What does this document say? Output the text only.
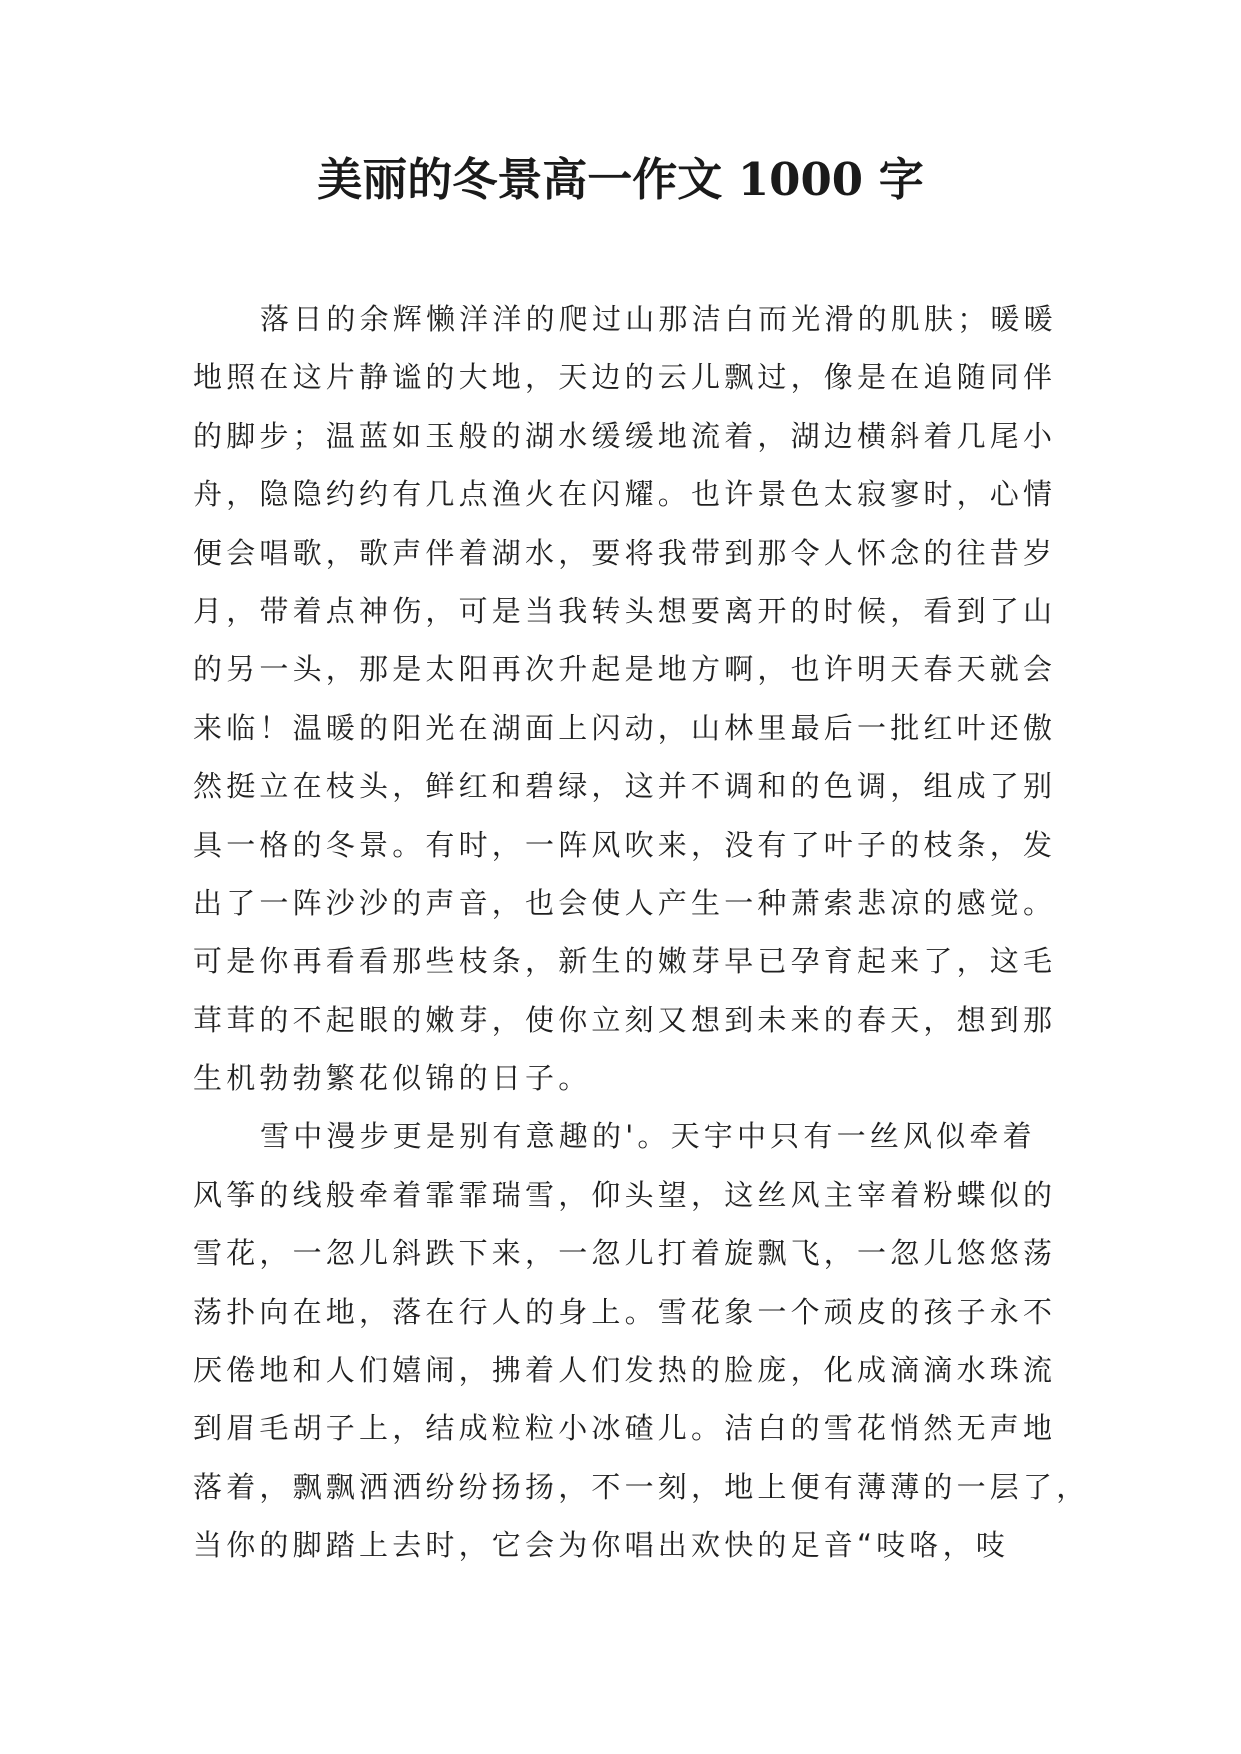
美丽的冬景高一作文 1000 字
落日的余辉懒洋洋的爬过山那洁白而光滑的肌肤；暖暖
地照在这片静谧的大地，天边的云儿飘过，像是在追随同伴
的脚步；温蓝如玉般的湖水缓缓地流着，湖边横斜着几尾小
舟，隐隐约约有几点渔火在闪耀。也许景色太寂寥时，心情
便会唱歌，歌声伴着湖水，要将我带到那令人怀念的往昔岁
月，带着点神伤，可是当我转头想要离开的时候，看到了山
的另一头，那是太阳再次升起是地方啊，也许明天春天就会
来临！温暖的阳光在湖面上闪动，山林里最后一批红叶还傲
然挺立在枝头，鲜红和碧绿，这并不调和的色调，组成了别
具一格的冬景。有时，一阵风吹来，没有了叶子的枝条，发
出了一阵沙沙的声音，也会使人产生一种萧索悲凉的感觉。
可是你再看看那些枝条，新生的嫩芽早已孕育起来了，这毛
茸茸的不起眼的嫩芽，使你立刻又想到未来的春天，想到那
生机勃勃繁花似锦的日子。
雪中漫步更是别有意趣的'。天宇中只有一丝风似牵着
风筝的线般牵着霏霏瑞雪，仰头望，这丝风主宰着粉蝶似的
雪花，一忽儿斜跌下来，一忽儿打着旋飘飞，一忽儿悠悠荡
荡扑向在地，落在行人的身上。雪花象一个顽皮的孩子永不
厌倦地和人们嬉闹，拂着人们发热的脸庞，化成滴滴水珠流
到眉毛胡子上，结成粒粒小冰碴儿。洁白的雪花悄然无声地
落着，飘飘洒洒纷纷扬扬，不一刻，地上便有薄薄的一层了，
当你的脚踏上去时，它会为你唱出欢快的足音“吱咯，吱
